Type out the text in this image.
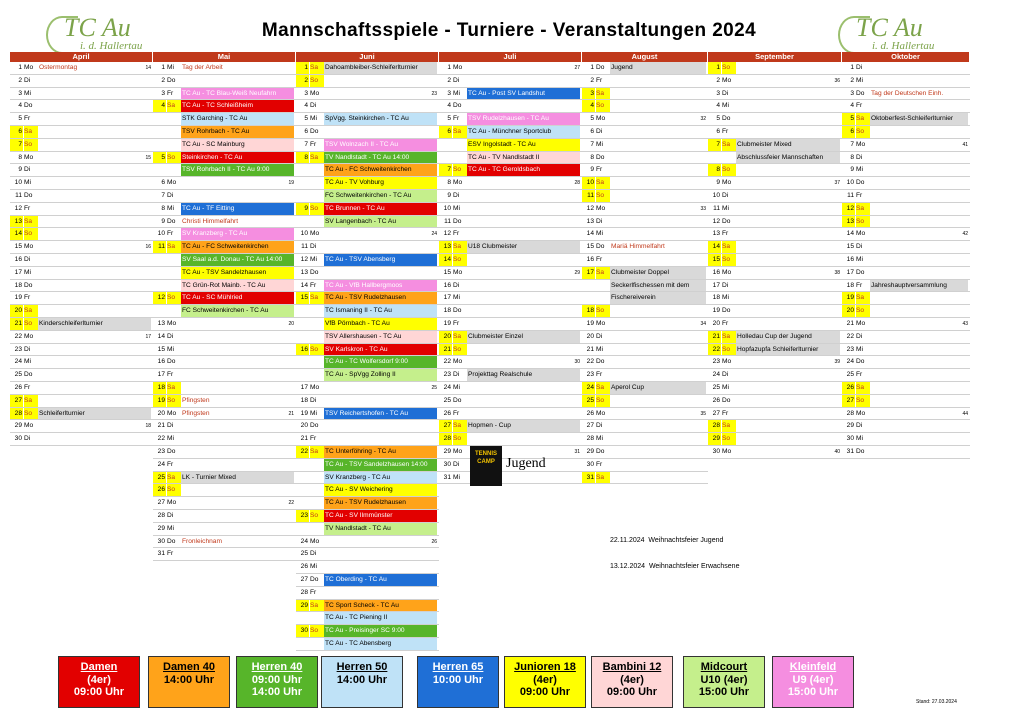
TC Au
i. d. Hallertau
TC Au
i. d. Hallertau
Mannschaftsspiele - Turniere - Veranstaltungen 2024
April
1 Mo Ostermontag	14
2 Di
3 Mi
4 Do
5 Fr
6 Sa
7 So
8 Mo	15
9 Di
10 Mi
11 Do
12 Fr
13 Sa
14 So
15 Mo	16
16 Di
17 Mi
18 Do
19 Fr
20 Sa
21 So	Kinderschleiferlturnier
22 Mo	17
23 Di
24 Mi
25 Do
26 Fr
27 Sa
28 So	Schleiferlturnier
29 Mo	18
30 Di
Mai
1 Mi	Tag der Arbeit
2 Do
3 Fr	TC Au - TC Blau-Weiß Neufahrn
4 Sa	TC Au - TC Schleißheim
STK Garching - TC Au
TSV Rohrbach - TC Au
TC Au - SC Mainburg
5 So	Steinkirchen - TC Au
TSV Rohrbach II - TC Au 9:00
6 Mo	19
7 Di
8 Mi	TC Au - TF Eitting
9 Do Christi Himmelfahrt
10 Fr	SV Kranzberg - TC Au
11 Sa	TC Au - FC Schweitenkirchen
SV Saal a.d. Donau - TC Au 14:00
TC Au - TSV Sandelzhausen
TC Grün-Rot Mainb. - TC Au
12 So	TC Au - SC Mühlried
FC Schweitenkirchen - TC Au
13 Mo	20
14 Di
15 Mi
16 Do
17 Fr
18 Sa
19 So	Pfingsten
20 Mo Pfingsten	21
21 Di
22 Mi
23 Do
24 Fr
25 Sa	LK - Turnier Mixed
26 So
27 Mo	22
28 Di
29 Mi
30 Do Fronleichnam
31 Fr
Juni
1 Sa	Dahoambleiber-Schleiferlturnier
2 So
3 Mo	23
4 Di
5 Mi	SpVgg. Steinkirchen - TC Au
6 Do
7 Fr	TSV Wolnzach II - TC Au
8 Sa	TV Nandlstadt - TC Au 14:00
TC Au - FC Schweitenkirchen
TC Au - TV Vohburg
FC Schweitenkirchen - TC Au
9 So	TC Brunnen - TC Au
SV Langenbach - TC Au
10 Mo	24
11 Di
12 Mi	TC Au - TSV Abensberg
13 Do
14 Fr	TC Au - VfB Hallbergmoos
15 Sa	TC Au - TSV Rudelzhausen
TC Ismaning II - TC Au
VfB Pörnbach - TC Au
TSV Allershausen - TC Au
16 So	SV Karlskron - TC Au
TC Au - TC Wolfersdorf 9:00
TC Au - SpVgg Zolling II
17 Mo	25
18 Di
19 Mi	TSV Reichertshofen - TC Au
20 Do
21 Fr
22 Sa	TC Unterföhring - TC Au
TC Au - TSV Sandelzhausen 14:00
SV Kranzberg - TC Au
TC Au - SV Weichering
TC Au - TSV Rudelzhausen
23 So	TC Au - SV Ilmmünster
TV Nandlstadt - TC Au
24 Mo	26
25 Di
26 Mi
27 Do TC Oberding - TC Au
28 Fr
29 Sa	TC Sport Scheck - TC Au
TC Au - TC Piening II
30 So	TC Au - Preisinger SC 9:00
TC Au - TC Abensberg
Juli
1 Mo	27
2 Di
3 Mi	TC Au - Post SV Landshut
4 Do
5 Fr	TSV Rudelzhausen - TC Au
6 Sa	TC Au - Münchner Sportclub
ESV Ingolstadt - TC Au
TC Au - TV Nandlstadt II
7 So	TC Au - TC Geroldsbach
8 Mo	28
9 Di
10 Mi
11 Do
12 Fr
13 Sa	U18 Clubmeister
14 So
15 Mo	29
16 Di
17 Mi
18 Do
19 Fr
20 Sa	Clubmeister Einzel
21 So
22 Mo	30
23 Di	Projekttag Realschule
24 Mi
25 Do
26 Fr
27 Sa	Hopmen - Cup
28 So
29 Mo	31
30 Di
31 Mi
August
1 Do Jugend
2 Fr
3 Sa
4 So
5 Mo	32
6 Di
7 Mi
8 Do
9 Fr
10 Sa
11 So
12 Mo	33
13 Di
14 Mi
15 Do Mariä Himmelfahrt
16 Fr
17 Sa	Clubmeister Doppel
Seckerlfischessen mit dem
Fischereiverein
18 So
19 Mo	34
20 Di
21 Mi
22 Do
23 Fr
24 Sa	Aperol Cup
25 So
26 Mo	35
27 Di
28 Mi
29 Do
30 Fr
31 Sa
September
1 So
2 Mo	36
3 Di
4 Mi
5 Do
6 Fr
7 Sa	Clubmeister Mixed
Abschlussfeier Mannschaften
8 So
9 Mo	37
10 Di
11 Mi
12 Do
13 Fr
14 Sa
15 So
16 Mo	38
17 Di
18 Mi
19 Do
20 Fr
21 Sa	Holledau Cup der Jugend
22 So	Hopfazupfa Schleiferlturnier
23 Mo	39
24 Di
25 Mi
26 Do
27 Fr
28 Sa
29 So
30 Mo	40
Oktober
1 Di
2 Mi
3 Do Tag der Deutschen Einh.
4 Fr
5 Sa	Oktoberfest-Schleiferlturnier
6 So
7 Mo	41
8 Di
9 Mi
10 Do
11 Fr
12 Sa
13 So
14 Mo	42
15 Di
16 Mi
17 Do
18 Fr	Jahreshauptversammlung
19 Sa
20 So
21 Mo	43
22 Di
23 Mi
24 Do
25 Fr
26 Sa
27 So
28 Mo	44
29 Di
30 Mi
31 Do
TENNIS CAMP Jugend
22.11.2024 Weihnachtsfeier Jugend
13.12.2024 Weihnachtsfeier Erwachsene
Damen
(4er)
09:00 Uhr
Damen 40
14:00 Uhr
Herren 40
09:00 Uhr
14:00 Uhr
Herren 50
14:00 Uhr
Herren 65
10:00 Uhr
Junioren 18
(4er)
09:00 Uhr
Bambini 12
(4er)
09:00 Uhr
Midcourt
U10 (4er)
15:00 Uhr
Kleinfeld
U9 (4er)
15:00 Uhr
Stand: 27.03.2024
